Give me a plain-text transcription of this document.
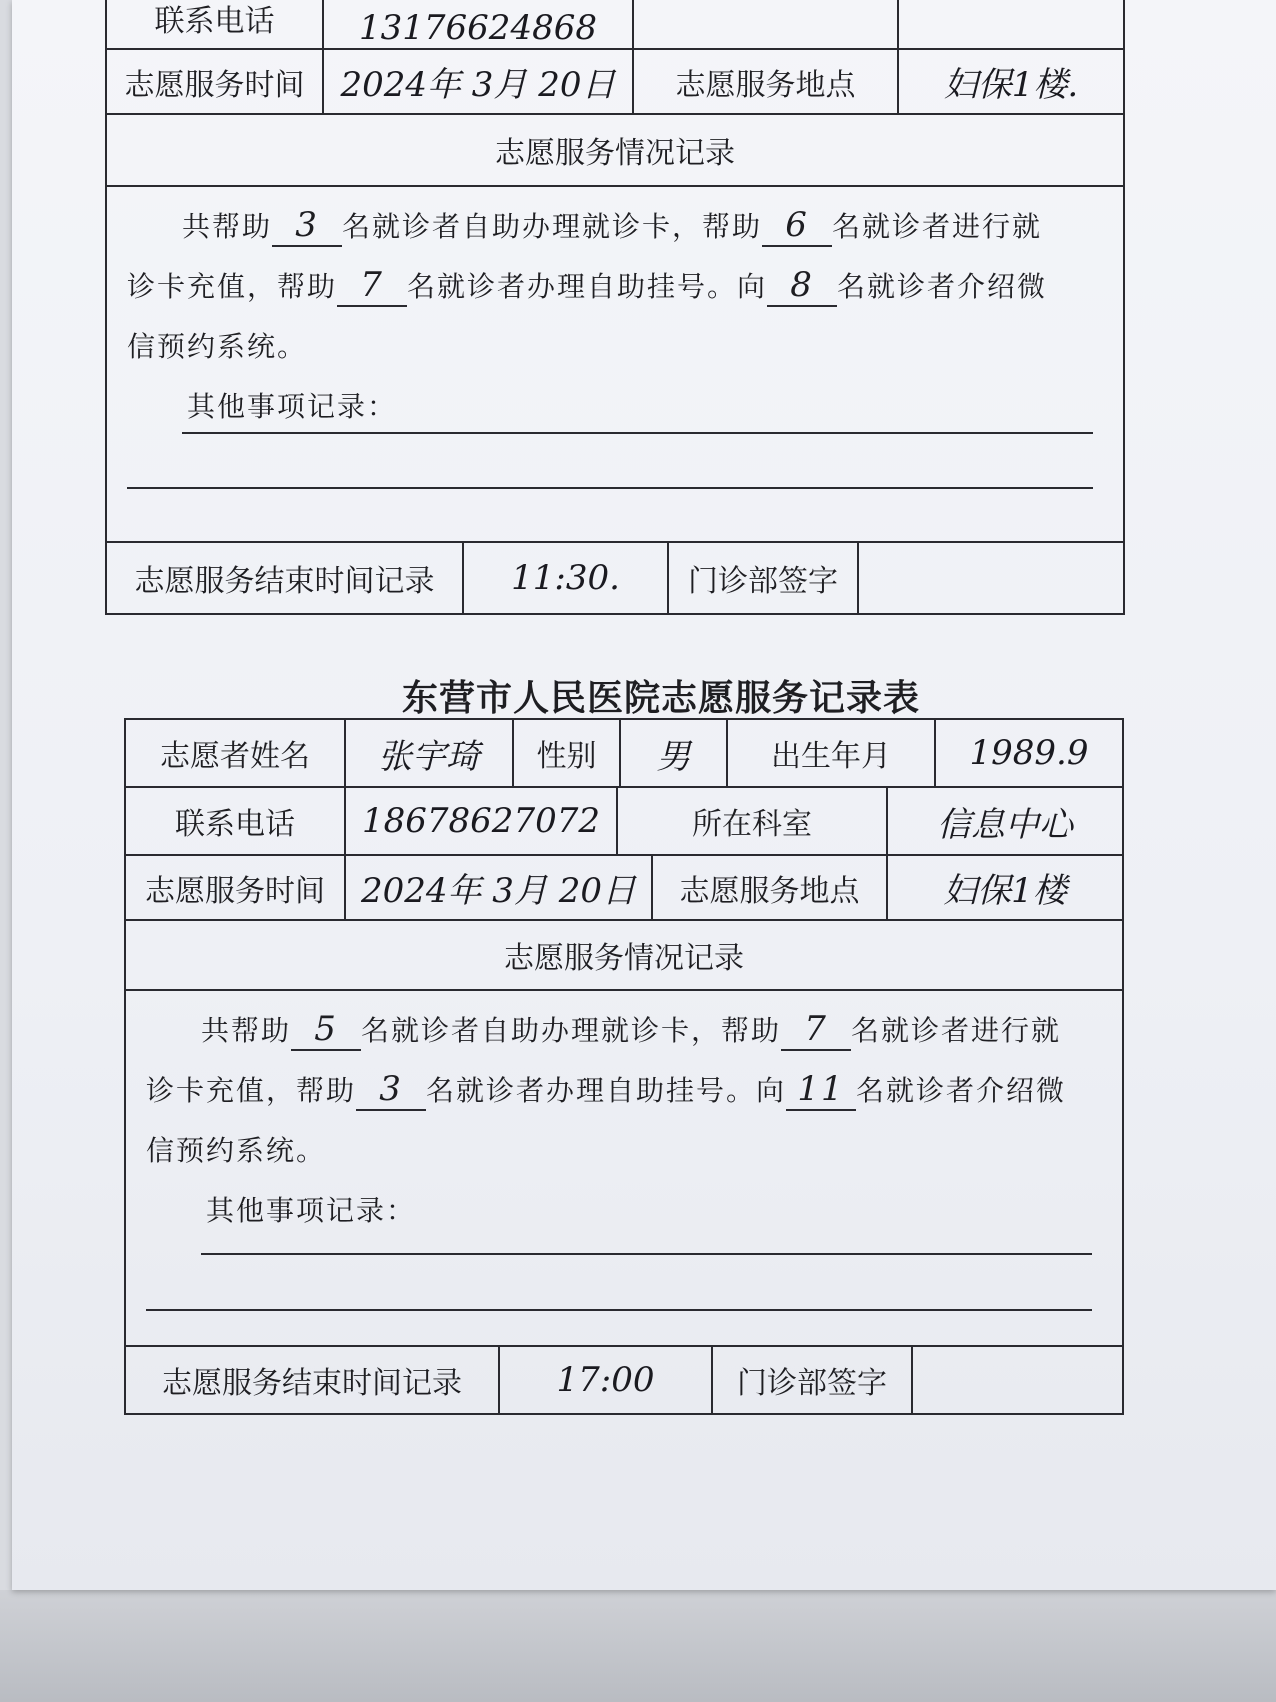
联系电话	13176624868
志愿服务时间	2024年 3月 20日	志愿服务地点	妇保1楼.
志愿服务情况记录
共帮助 3 名就诊者自助办理就诊卡，帮助 6 名就诊者进行就
诊卡充值，帮助 7 名就诊者办理自助挂号。向 8 名就诊者介绍微
信预约系统。
其他事项记录：
志愿服务结束时间记录	11:30.	门诊部签字
东营市人民医院志愿服务记录表
志愿者姓名	张宇琦	性别	男	出生年月	1989.9
联系电话	18678627072	所在科室	信息中心
志愿服务时间	2024年 3月 20日	志愿服务地点	妇保1楼
志愿服务情况记录
共帮助 5 名就诊者自助办理就诊卡，帮助 7 名就诊者进行就
诊卡充值，帮助 3 名就诊者办理自助挂号。向 11 名就诊者介绍微
信预约系统。
其他事项记录：
志愿服务结束时间记录	17:00	门诊部签字
